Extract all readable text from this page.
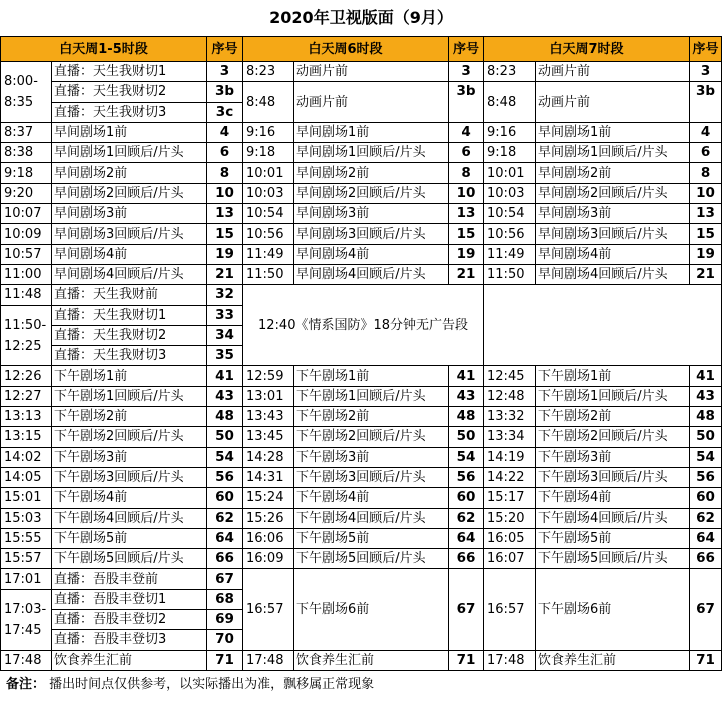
2020年卫视版面（9月）
白天周1-5时段		序号	白天周6时段		序号	白天周7时段		序号
8:00-8:35	直播：天生我财切1	3	8:23	动画片前	3	8:23	动画片前	3
	直播：天生我财切2	3b	8:48	动画片前	3b	8:48	动画片前	3b
	直播：天生我财切3	3c						
8:37	早间剧场1前	4	9:16	早间剧场1前	4	9:16	早间剧场1前	4
8:38	早间剧场1回顾后/片头	6	9:18	早间剧场1回顾后/片头	6	9:18	早间剧场1回顾后/片头	6
9:18	早间剧场2前	8	10:01	早间剧场2前	8	10:01	早间剧场2前	8
9:20	早间剧场2回顾后/片头	10	10:03	早间剧场2回顾后/片头	10	10:03	早间剧场2回顾后/片头	10
10:07	早间剧场3前	13	10:54	早间剧场3前	13	10:54	早间剧场3前	13
10:09	早间剧场3回顾后/片头	15	10:56	早间剧场3回顾后/片头	15	10:56	早间剧场3回顾后/片头	15
10:57	早间剧场4前	19	11:49	早间剧场4前	19	11:49	早间剧场4前	19
11:00	早间剧场4回顾后/片头	21	11:50	早间剧场4回顾后/片头	21	11:50	早间剧场4回顾后/片头	21
11:48	直播：天生我财前	32	12:40《情系国防》18分钟无广告段					
11:50-12:25	直播：天生我财切1	33						
	直播：天生我财切2	34						
	直播：天生我财切3	35						
12:26	下午剧场1前	41	12:59	下午剧场1前	41	12:45	下午剧场1前	41
12:27	下午剧场1回顾后/片头	43	13:01	下午剧场1回顾后/片头	43	12:48	下午剧场1回顾后/片头	43
13:13	下午剧场2前	48	13:43	下午剧场2前	48	13:32	下午剧场2前	48
13:15	下午剧场2回顾后/片头	50	13:45	下午剧场2回顾后/片头	50	13:34	下午剧场2回顾后/片头	50
14:02	下午剧场3前	54	14:28	下午剧场3前	54	14:19	下午剧场3前	54
14:05	下午剧场3回顾后/片头	56	14:31	下午剧场3回顾后/片头	56	14:22	下午剧场3回顾后/片头	56
15:01	下午剧场4前	60	15:24	下午剧场4前	60	15:17	下午剧场4前	60
15:03	下午剧场4回顾后/片头	62	15:26	下午剧场4回顾后/片头	62	15:20	下午剧场4回顾后/片头	62
15:55	下午剧场5前	64	16:06	下午剧场5前	64	16:05	下午剧场5前	64
15:57	下午剧场5回顾后/片头	66	16:09	下午剧场5回顾后/片头	66	16:07	下午剧场5回顾后/片头	66
17:01	直播：吾股丰登前	67	16:57	下午剧场6前	67	16:57	下午剧场6前	67
17:03-17:45	直播：吾股丰登切1	68						
	直播：吾股丰登切2	69						
	直播：吾股丰登切3	70						
17:48	饮食养生汇前	71	17:48	饮食养生汇前	71	17:48	饮食养生汇前	71
备注： 播出时间点仅供参考，以实际播出为准，飘移属正常现象
